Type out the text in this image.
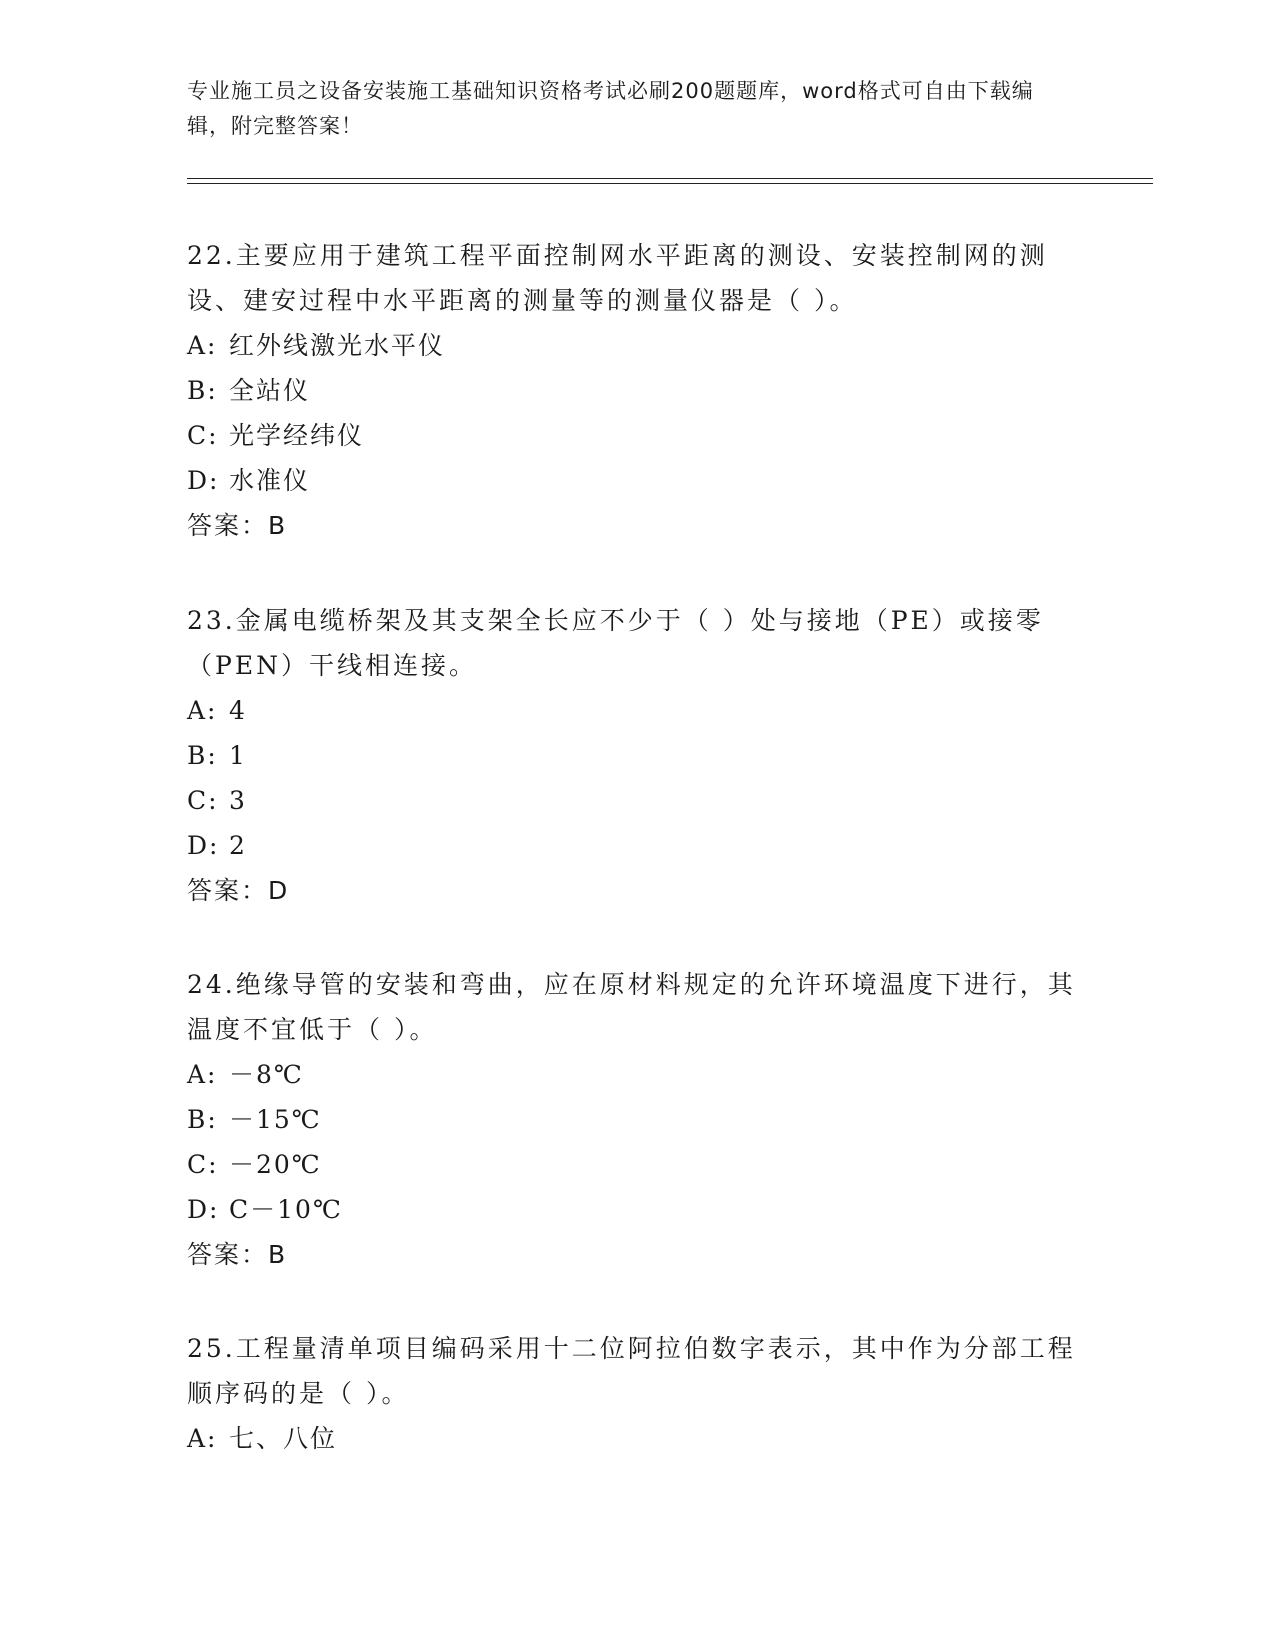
专业施工员之设备安装施工基础知识资格考试必刷200题题库，word格式可自由下载编辑，附完整答案！

22.主要应用于建筑工程平面控制网水平距离的测设、安装控制网的测设、建安过程中水平距离的测量等的测量仪器是（ ）。

A: 红外线激光水平仪

B: 全站仪

C: 光学经纬仪

D: 水准仪

答案：B

23.金属电缆桥架及其支架全长应不少于（ ）处与接地（PE）或接零（PEN）干线相连接。

A: 4

B: 1

C: 3

D: 2

答案：D

24.绝缘导管的安装和弯曲，应在原材料规定的允许环境温度下进行，其温度不宜低于（ ）。

A: －8℃

B: －15℃

C: －20℃

D: C－10℃

答案：B

25.工程量清单项目编码采用十二位阿拉伯数字表示，其中作为分部工程顺序码的是（ ）。

A: 七、八位
